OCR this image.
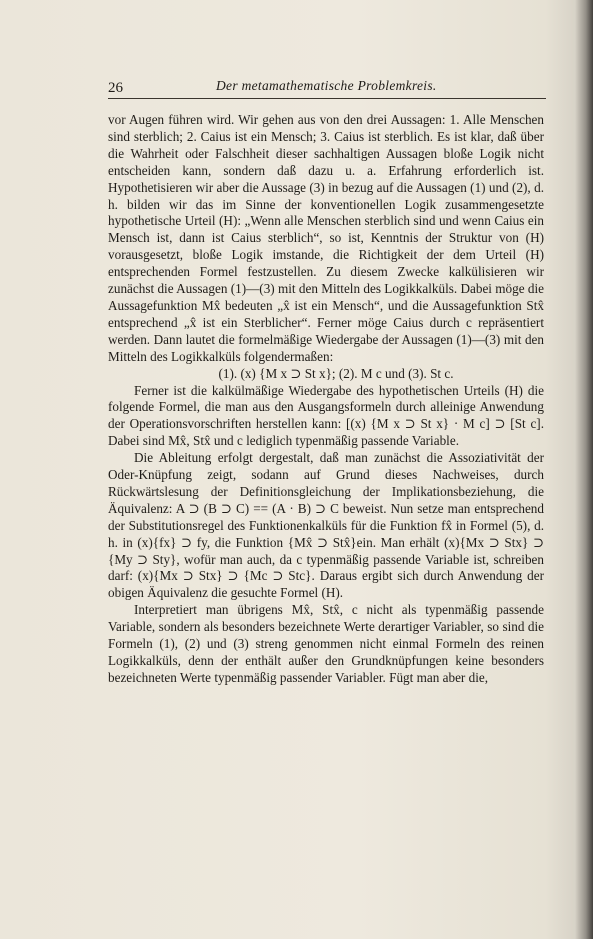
26	Der metamathematische Problemkreis.

vor Augen führen wird. Wir gehen aus von den drei Aussagen: 1. Alle Menschen sind sterblich; 2. Caius ist ein Mensch; 3. Caius ist sterblich. Es ist klar, daß über die Wahrheit oder Falschheit dieser sachhaltigen Aussagen bloße Logik nicht entscheiden kann, sondern daß dazu u. a. Erfahrung erforderlich ist. Hypothetisieren wir aber die Aussage (3) in bezug auf die Aussagen (1) und (2), d. h. bilden wir das im Sinne der konventionellen Logik zusammengesetzte hypothetische Urteil (H): „Wenn alle Menschen sterblich sind und wenn Caius ein Mensch ist, dann ist Caius sterblich“, so ist, Kenntnis der Struktur von (H) vorausgesetzt, bloße Logik imstande, die Richtigkeit der dem Urteil (H) entsprechenden Formel festzustellen. Zu diesem Zwecke kalkülisieren wir zunächst die Aussagen (1)—(3) mit den Mitteln des Logikkalküls. Dabei möge die Aussagefunktion Mx̂ bedeuten „x̂ ist ein Mensch“, und die Aussagefunktion Stx̂ entsprechend „x̂ ist ein Sterblicher“. Ferner möge Caius durch c repräsentiert werden. Dann lautet die formelmäßige Wiedergabe der Aussagen (1)—(3) mit den Mitteln des Logikkalküls folgendermaßen:

(1). (x) {M x ⊃ St x}; (2). M c und (3). St c.

Ferner ist die kalkülmäßige Wiedergabe des hypothetischen Urteils (H) die folgende Formel, die man aus den Ausgangsformeln durch alleinige Anwendung der Operationsvorschriften herstellen kann: [(x) {M x ⊃ St x} · M c] ⊃ [St c]. Dabei sind Mx̂, Stx̂ und c lediglich typenmäßig passende Variable.

Die Ableitung erfolgt dergestalt, daß man zunächst die Assoziativität der Oder-Knüpfung zeigt, sodann auf Grund dieses Nachweises, durch Rückwärtslesung der Definitionsgleichung der Implikationsbeziehung, die Äquivalenz: A ⊃ (B ⊃ C) == (A · B) ⊃ C beweist. Nun setze man entsprechend der Substitutionsregel des Funktionenkalküls für die Funktion fx̂ in Formel (5), d. h. in (x){fx} ⊃ fy, die Funktion {Mx̂ ⊃ Stx̂}ein. Man erhält (x){Mx ⊃ Stx} ⊃ {My ⊃ Sty}, wofür man auch, da c typenmäßig passende Variable ist, schreiben darf: (x){Mx ⊃ Stx} ⊃ {Mc ⊃ Stc}. Daraus ergibt sich durch Anwendung der obigen Äquivalenz die gesuchte Formel (H).

Interpretiert man übrigens Mx̂, Stx̂, c nicht als typenmäßig passende Variable, sondern als besonders bezeichnete Werte derartiger Variabler, so sind die Formeln (1), (2) und (3) streng genommen nicht einmal Formeln des reinen Logikkalküls, denn der enthält außer den Grundknüpfungen keine besonders bezeichneten Werte typenmäßig passender Variabler. Fügt man aber die,
